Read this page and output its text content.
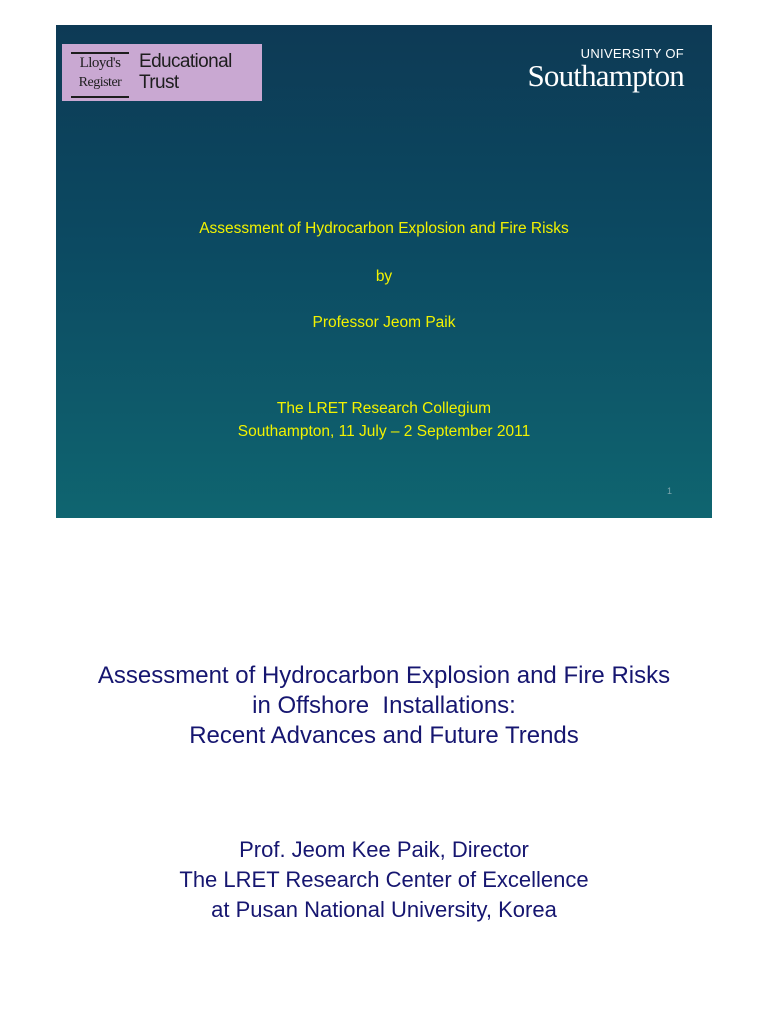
Lloyd's
Register
Educational
Trust
UNIVERSITY OF
Southampton

Assessment of Hydrocarbon Explosion and Fire Risks

by

Professor Jeom Paik

The LRET Research Collegium

Southampton, 11 July – 2 September 2011

1
Assessment of Hydrocarbon Explosion and Fire Risks
in Offshore  Installations:
Recent Advances and Future Trends
Prof. Jeom Kee Paik, Director
The LRET Research Center of Excellence
at Pusan National University, Korea
